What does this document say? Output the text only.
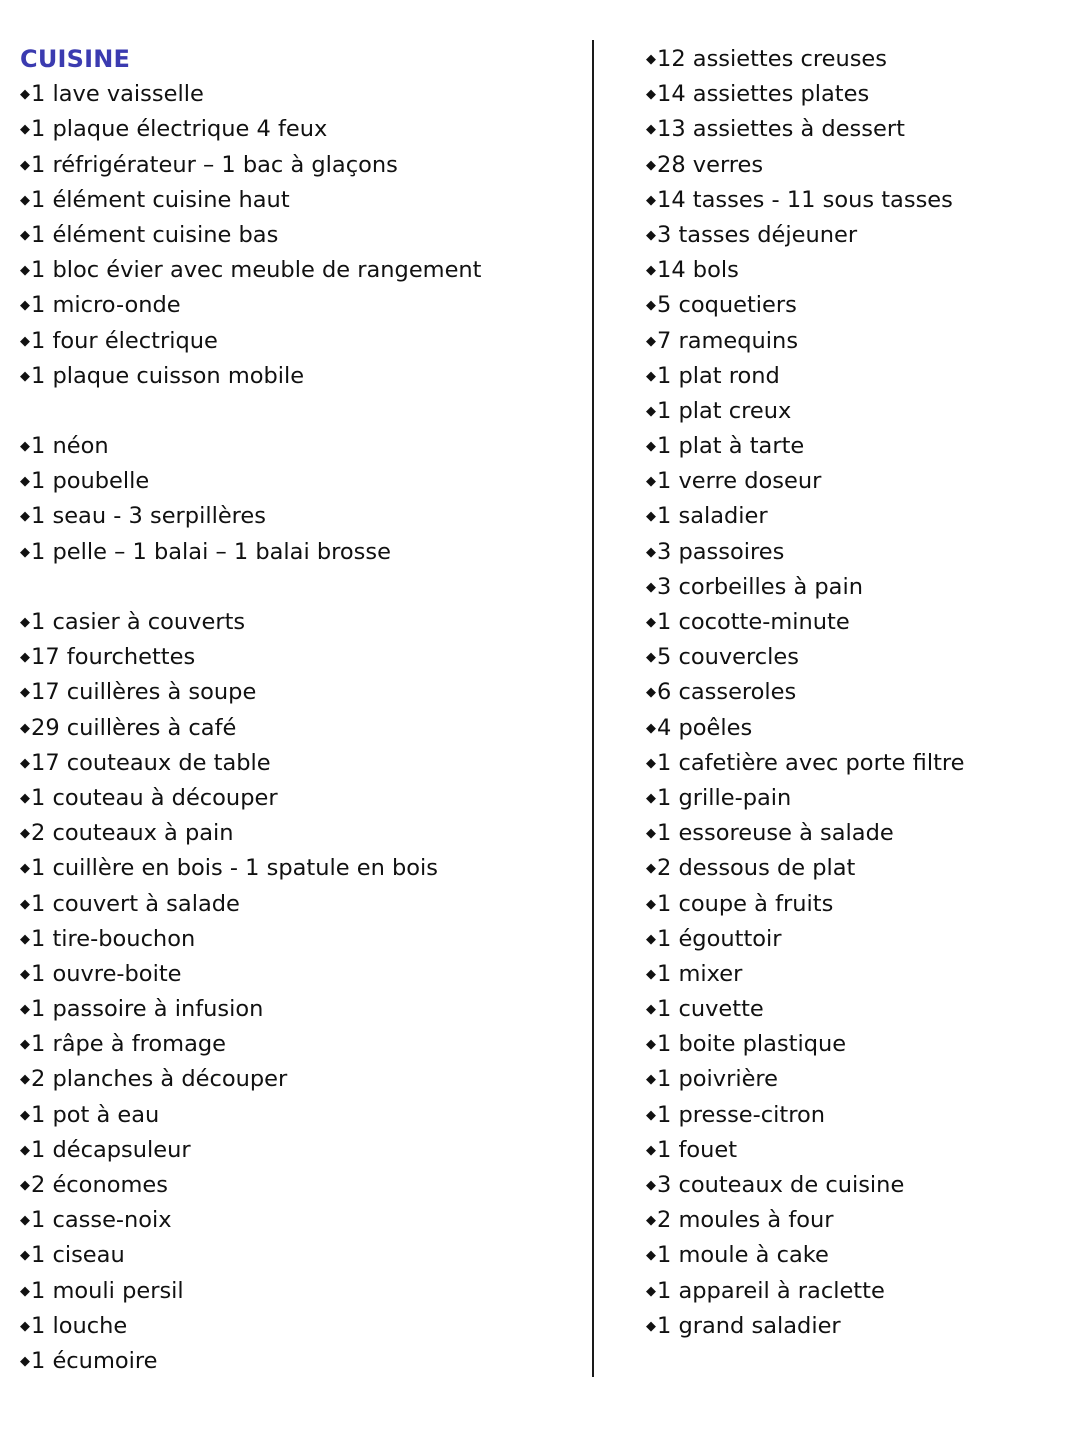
CUISINE
◆1 lave vaisselle
◆1 plaque électrique 4 feux
◆1 réfrigérateur – 1 bac à glaçons
◆1 élément cuisine haut
◆1 élément cuisine bas
◆1 bloc évier avec meuble de rangement
◆1 micro-onde
◆1 four électrique
◆1 plaque cuisson mobile
◆1 néon
◆1 poubelle
◆1 seau - 3 serpillères
◆1 pelle – 1 balai – 1 balai brosse
◆1 casier à couverts
◆17 fourchettes
◆17 cuillères à soupe
◆29 cuillères à café
◆17 couteaux de table
◆1 couteau à découper
◆2 couteaux à pain
◆1 cuillère en bois - 1 spatule en bois
◆1 couvert à salade
◆1 tire-bouchon
◆1 ouvre-boite
◆1 passoire à infusion
◆1 râpe à fromage
◆2 planches à découper
◆1 pot à eau
◆1 décapsuleur
◆2 économes
◆1 casse-noix
◆1 ciseau
◆1 mouli persil
◆1 louche
◆1 écumoire
◆12 assiettes creuses
◆14 assiettes plates
◆13 assiettes à dessert
◆28 verres
◆14 tasses - 11 sous tasses
◆3 tasses déjeuner
◆14 bols
◆5 coquetiers
◆7 ramequins
◆1 plat rond
◆1 plat creux
◆1 plat à tarte
◆1 verre doseur
◆1 saladier
◆3 passoires
◆3 corbeilles à pain
◆1 cocotte-minute
◆5 couvercles
◆6 casseroles
◆4 poêles
◆1 cafetière avec porte filtre
◆1 grille-pain
◆1 essoreuse à salade
◆2 dessous de plat
◆1 coupe à fruits
◆1 égouttoir
◆1 mixer
◆1 cuvette
◆1 boite plastique
◆1 poivrière
◆1 presse-citron
◆1 fouet
◆3 couteaux de cuisine
◆2 moules à four
◆1 moule à cake
◆1 appareil à raclette
◆1 grand saladier
